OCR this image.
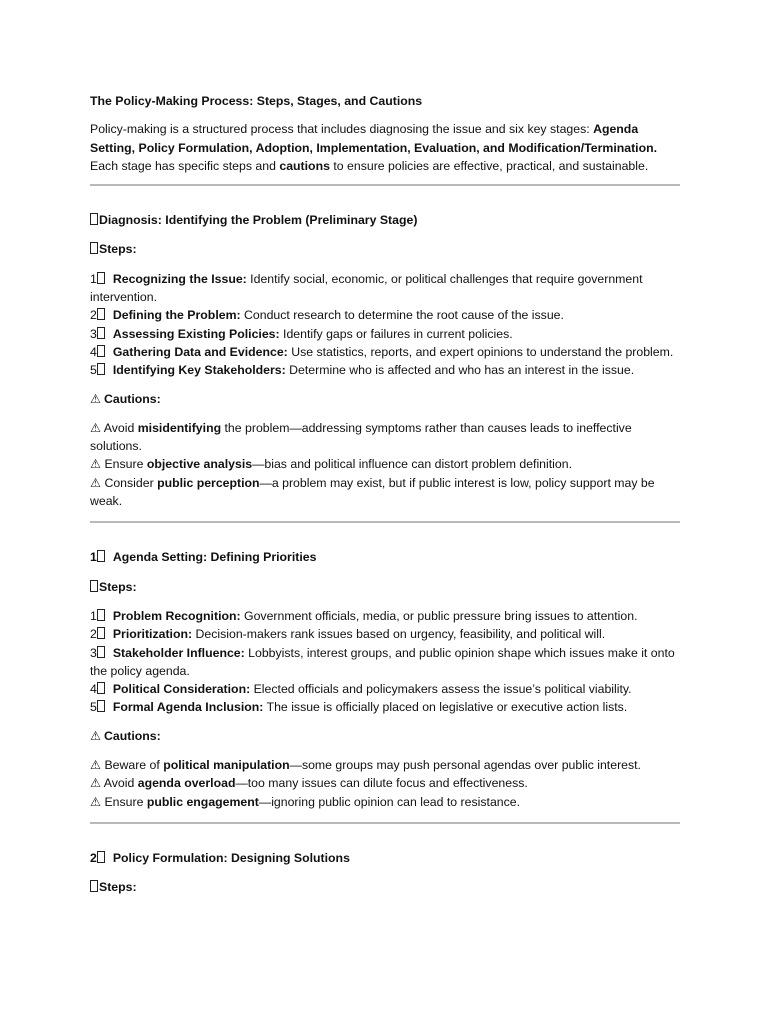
The Policy-Making Process: Steps, Stages, and Cautions

Policy-making is a structured process that includes diagnosing the issue and six key stages: Agenda Setting, Policy Formulation, Adoption, Implementation, Evaluation, and Modification/Termination. Each stage has specific steps and cautions to ensure policies are effective, practical, and sustainable.

Diagnosis: Identifying the Problem (Preliminary Stage)

Steps:

1 Recognizing the Issue: Identify social, economic, or political challenges that require government intervention.

2 Defining the Problem: Conduct research to determine the root cause of the issue.

3 Assessing Existing Policies: Identify gaps or failures in current policies.

4 Gathering Data and Evidence: Use statistics, reports, and expert opinions to understand the problem.

5 Identifying Key Stakeholders: Determine who is affected and who has an interest in the issue.

⚠ Cautions:

⚠ Avoid misidentifying the problem—addressing symptoms rather than causes leads to ineffective solutions.

⚠ Ensure objective analysis—bias and political influence can distort problem definition.

⚠ Consider public perception—a problem may exist, but if public interest is low, policy support may be weak.

1 Agenda Setting: Defining Priorities

Steps:

1 Problem Recognition: Government officials, media, or public pressure bring issues to attention.

2 Prioritization: Decision-makers rank issues based on urgency, feasibility, and political will.

3 Stakeholder Influence: Lobbyists, interest groups, and public opinion shape which issues make it onto the policy agenda.

4 Political Consideration: Elected officials and policymakers assess the issue’s political viability.

5 Formal Agenda Inclusion: The issue is officially placed on legislative or executive action lists.

⚠ Cautions:

⚠ Beware of political manipulation—some groups may push personal agendas over public interest.

⚠ Avoid agenda overload—too many issues can dilute focus and effectiveness.

⚠ Ensure public engagement—ignoring public opinion can lead to resistance.

2 Policy Formulation: Designing Solutions

Steps:
